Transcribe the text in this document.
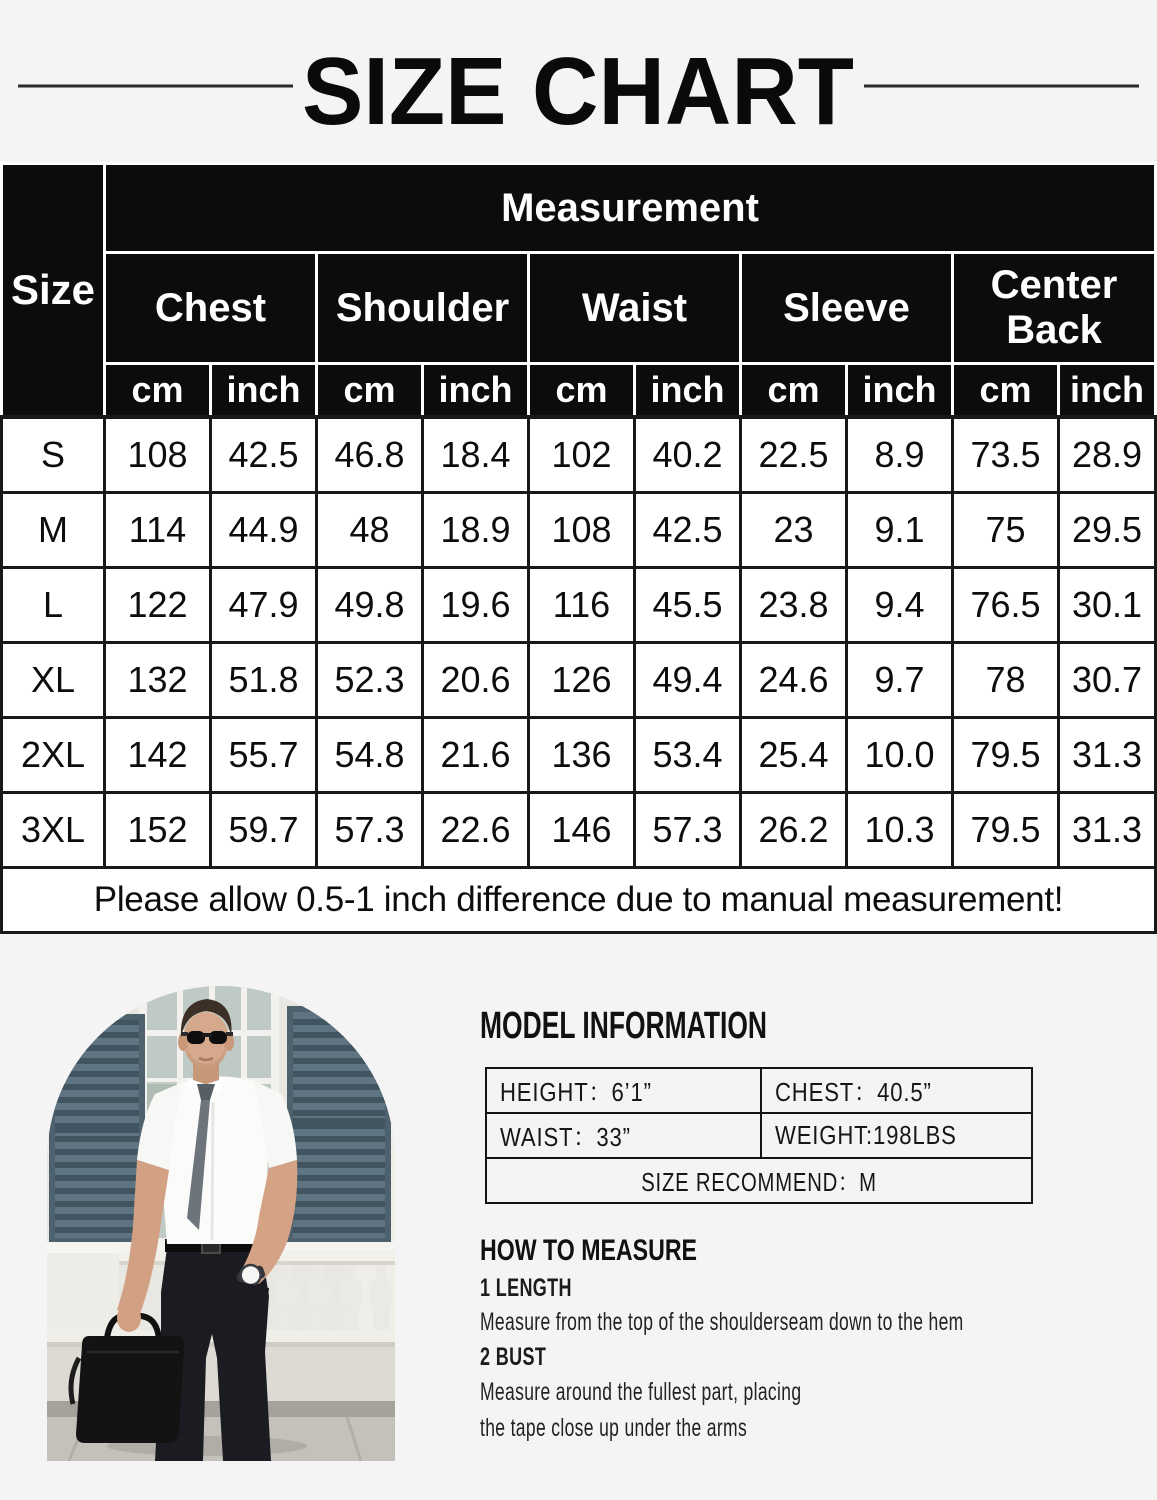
SIZE CHART
Size	Measurement									
	Chest		Shoulder		Waist		Sleeve		Center Back	
	cm	inch	cm	inch	cm	inch	cm	inch	cm	inch
S	108	42.5	46.8	18.4	102	40.2	22.5	8.9	73.5	28.9
M	114	44.9	48	18.9	108	42.5	23	9.1	75	29.5
L	122	47.9	49.8	19.6	116	45.5	23.8	9.4	76.5	30.1
XL	132	51.8	52.3	20.6	126	49.4	24.6	9.7	78	30.7
2XL	142	55.7	54.8	21.6	136	53.4	25.4	10.0	79.5	31.3
3XL	152	59.7	57.3	22.6	146	57.3	26.2	10.3	79.5	31.3
Please allow 0.5-1 inch difference due to manual measurement!										
MODEL INFORMATION
HEIGHT：6’1”	CHEST：40.5”
WAIST：33”	WEIGHT:198LBS
SIZE RECOMMEND：M	
HOW TO MEASURE
1 LENGTH
Measure from the top of the shoulderseam down to the hem
2 BUST
Measure around the fullest part, placing
the tape close up under the arms
